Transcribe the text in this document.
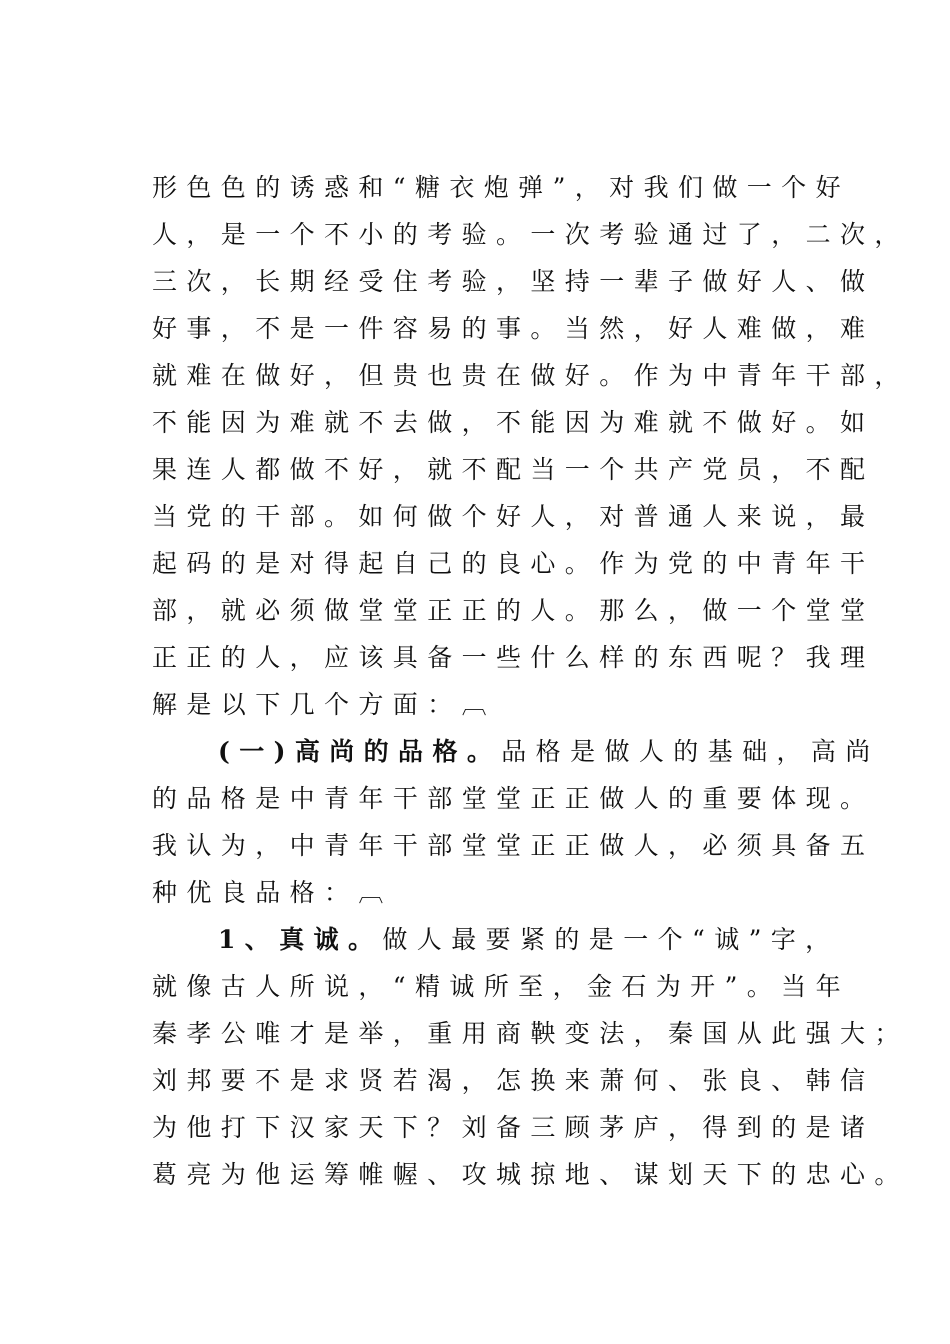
形色色的诱惑和“糖衣炮弹”，对我们做一个好
人，是一个不小的考验。一次考验通过了，二次，
三次，长期经受住考验，坚持一辈子做好人、做
好事，不是一件容易的事。当然，好人难做，难
就难在做好，但贵也贵在做好。作为中青年干部，
不能因为难就不去做，不能因为难就不做好。如
果连人都做不好，就不配当一个共产党员，不配
当党的干部。如何做个好人，对普通人来说，最
起码的是对得起自己的良心。作为党的中青年干
部，就必须做堂堂正正的人。那么，做一个堂堂
正正的人，应该具备一些什么样的东西呢？我理
解是以下几个方面：︹
(一)高尚的品格。品格是做人的基础，高尚
的品格是中青年干部堂堂正正做人的重要体现。
我认为，中青年干部堂堂正正做人，必须具备五
种优良品格：︹
1、真诚。做人最要紧的是一个“诚”字，
就像古人所说，“精诚所至，金石为开”。当年
秦孝公唯才是举，重用商鞅变法，秦国从此强大；
刘邦要不是求贤若渴，怎换来萧何、张良、韩信
为他打下汉家天下？刘备三顾茅庐，得到的是诸
葛亮为他运筹帷幄、攻城掠地、谋划天下的忠心。
